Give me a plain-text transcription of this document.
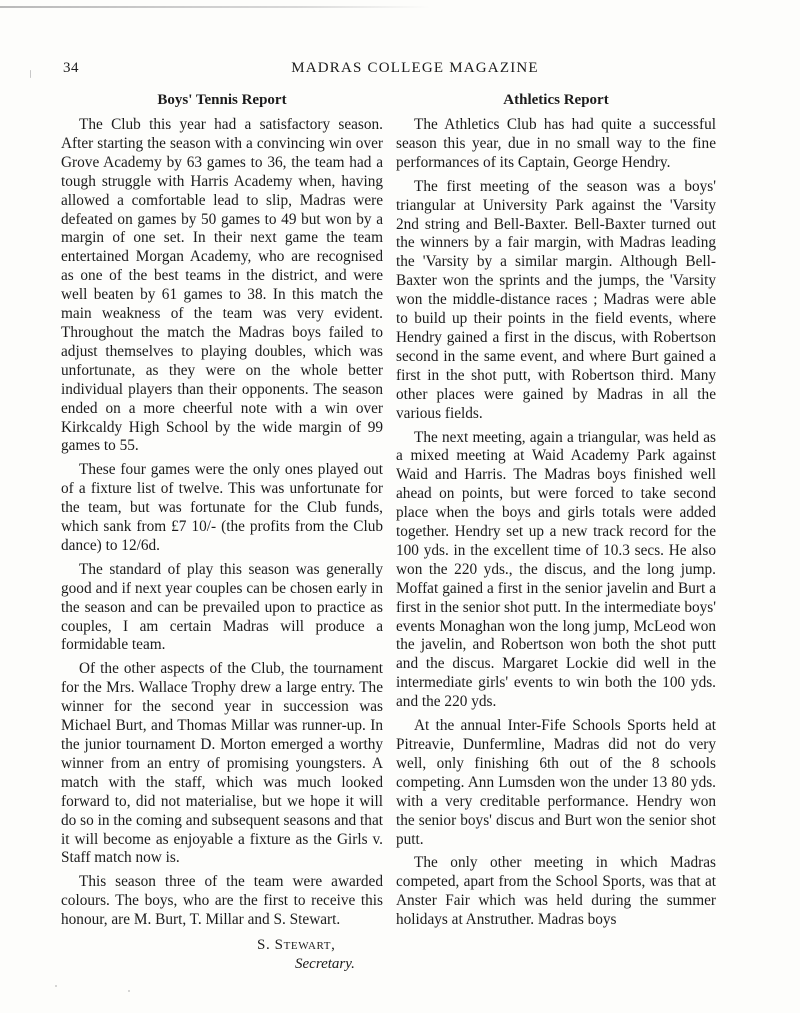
34	MADRAS COLLEGE MAGAZINE
Boys' Tennis Report

The Club this year had a satisfactory season. After starting the season with a convincing win over Grove Academy by 63 games to 36, the team had a tough struggle with Harris Academy when, having allowed a comfortable lead to slip, Madras were defeated on games by 50 games to 49 but won by a margin of one set. In their next game the team entertained Morgan Academy, who are recognised as one of the best teams in the district, and were well beaten by 61 games to 38. In this match the main weakness of the team was very evident. Throughout the match the Madras boys failed to adjust themselves to playing doubles, which was unfortunate, as they were on the whole better individual players than their opponents. The season ended on a more cheerful note with a win over Kirkcaldy High School by the wide margin of 99 games to 55.

These four games were the only ones played out of a fixture list of twelve. This was unfortunate for the team, but was fortunate for the Club funds, which sank from £7 10/- (the profits from the Club dance) to 12/6d.

The standard of play this season was generally good and if next year couples can be chosen early in the season and can be prevailed upon to practice as couples, I am certain Madras will produce a formidable team.

Of the other aspects of the Club, the tournament for the Mrs. Wallace Trophy drew a large entry. The winner for the second year in succession was Michael Burt, and Thomas Millar was runner-up. In the junior tournament D. Morton emerged a worthy winner from an entry of promising youngsters. A match with the staff, which was much looked forward to, did not materialise, but we hope it will do so in the coming and subsequent seasons and that it will become as enjoyable a fixture as the Girls v. Staff match now is.

This season three of the team were awarded colours. The boys, who are the first to receive this honour, are M. Burt, T. Millar and S. Stewart.

S. Stewart,
Secretary.
Athletics Report

The Athletics Club has had quite a successful season this year, due in no small way to the fine performances of its Captain, George Hendry.

The first meeting of the season was a boys' triangular at University Park against the 'Varsity 2nd string and Bell-Baxter. Bell-Baxter turned out the winners by a fair margin, with Madras leading the 'Varsity by a similar margin. Although Bell-Baxter won the sprints and the jumps, the 'Varsity won the middle-distance races ; Madras were able to build up their points in the field events, where Hendry gained a first in the discus, with Robertson second in the same event, and where Burt gained a first in the shot putt, with Robertson third. Many other places were gained by Madras in all the various fields.

The next meeting, again a triangular, was held as a mixed meeting at Waid Academy Park against Waid and Harris. The Madras boys finished well ahead on points, but were forced to take second place when the boys and girls totals were added together. Hendry set up a new track record for the 100 yds. in the excellent time of 10.3 secs. He also won the 220 yds., the discus, and the long jump. Moffat gained a first in the senior javelin and Burt a first in the senior shot putt. In the intermediate boys' events Monaghan won the long jump, McLeod won the javelin, and Robertson won both the shot putt and the discus. Margaret Lockie did well in the intermediate girls' events to win both the 100 yds. and the 220 yds.

At the annual Inter-Fife Schools Sports held at Pitreavie, Dunfermline, Madras did not do very well, only finishing 6th out of the 8 schools competing. Ann Lumsden won the under 13 80 yds. with a very creditable performance. Hendry won the senior boys' discus and Burt won the senior shot putt.

The only other meeting in which Madras competed, apart from the School Sports, was that at Anster Fair which was held during the summer holidays at Anstruther. Madras boys
